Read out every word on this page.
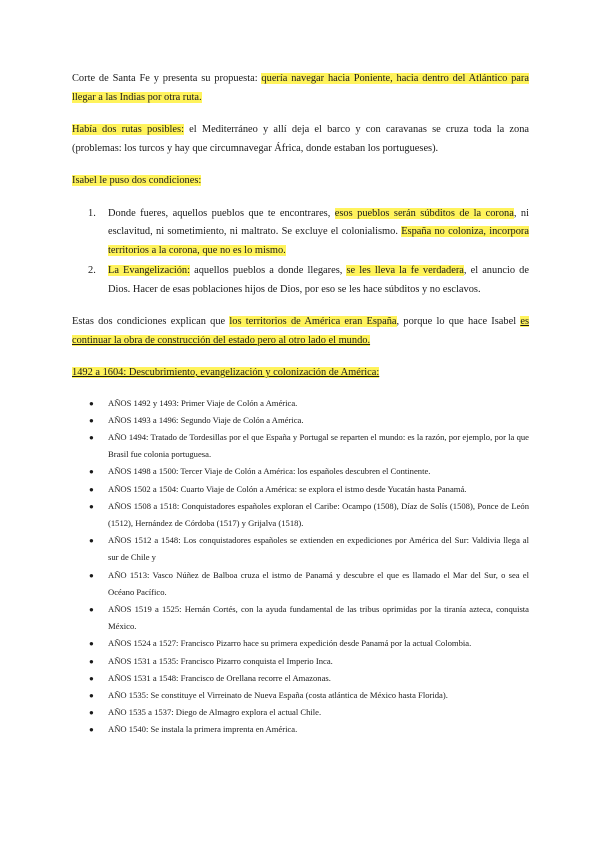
Corte de Santa Fe y presenta su propuesta: quería navegar hacia Poniente, hacia dentro del Atlántico para llegar a las Indias por otra ruta.

Había dos rutas posibles: el Mediterráneo y allí deja el barco y con caravanas se cruza toda la zona (problemas: los turcos y hay que circumnavegar África, donde estaban los portugueses).

Isabel le puso dos condiciones:

1. Donde fueres, aquellos pueblos que te encontrares, esos pueblos serán súbditos de la corona, ni esclavitud, ni sometimiento, ni maltrato. Se excluye el colonialismo. España no coloniza, incorpora territorios a la corona, que no es lo mismo.
2. La Evangelización: aquellos pueblos a donde llegares, se les lleva la fe verdadera, el anuncio de Dios. Hacer de esas poblaciones hijos de Dios, por eso se les hace súbditos y no esclavos.

Estas dos condiciones explican que los territorios de América eran España, porque lo que hace Isabel es continuar la obra de construcción del estado pero al otro lado el mundo.

1492 a 1604: Descubrimiento, evangelización y colonización de América:

● AÑOS 1492 y 1493: Primer Viaje de Colón a América.
● AÑOS 1493 a 1496: Segundo Viaje de Colón a América.
● AÑO 1494: Tratado de Tordesillas por el que España y Portugal se reparten el mundo: es la razón, por ejemplo, por la que Brasil fue colonia portuguesa.
● AÑOS 1498 a 1500: Tercer Viaje de Colón a América: los españoles descubren el Continente.
● AÑOS 1502 a 1504: Cuarto Viaje de Colón a América: se explora el istmo desde Yucatán hasta Panamá.
● AÑOS 1508 a 1518: Conquistadores españoles exploran el Caribe: Ocampo (1508), Díaz de Solís (1508), Ponce de León (1512), Hernández de Córdoba (1517) y Grijalva (1518).
● AÑOS 1512 a 1548: Los conquistadores españoles se extienden en expediciones por América del Sur: Valdivia llega al sur de Chile y
● AÑO 1513: Vasco Núñez de Balboa cruza el istmo de Panamá y descubre el que es llamado el Mar del Sur, o sea el Océano Pacífico.
● AÑOS 1519 a 1525: Hernán Cortés, con la ayuda fundamental de las tribus oprimidas por la tiranía azteca, conquista México.
● AÑOS 1524 a 1527: Francisco Pizarro hace su primera expedición desde Panamá por la actual Colombia.
● AÑOS 1531 a 1535: Francisco Pizarro conquista el Imperio Inca.
● AÑOS 1531 a 1548: Francisco de Orellana recorre el Amazonas.
● AÑO 1535: Se constituye el Virreinato de Nueva España (costa atlántica de México hasta Florida).
● AÑO 1535 a 1537: Diego de Almagro explora el actual Chile.
● AÑO 1540: Se instala la primera imprenta en América.
